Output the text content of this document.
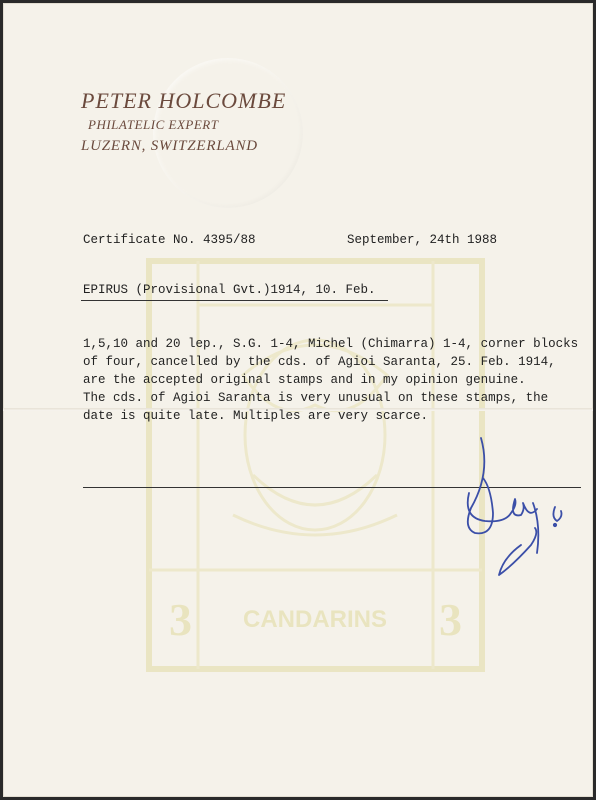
CANDARINS
3	3
PETER HOLCOMBE
PHILATELIC EXPERT
LUZERN, SWITZERLAND
Certificate No. 4395/88	September, 24th 1988
EPIRUS (Provisional Gvt.)1914, 10. Feb.
1,5,10 and 20 lep., S.G. 1-4, Michel (Chimarra) 1-4, corner blocks
of four, cancelled by the cds. of Agioi Saranta, 25. Feb. 1914,
are the accepted original stamps and in my opinion genuine.
The cds. of Agioi Saranta is very unusual on these stamps, the
date is quite late. Multiples are very scarce.
